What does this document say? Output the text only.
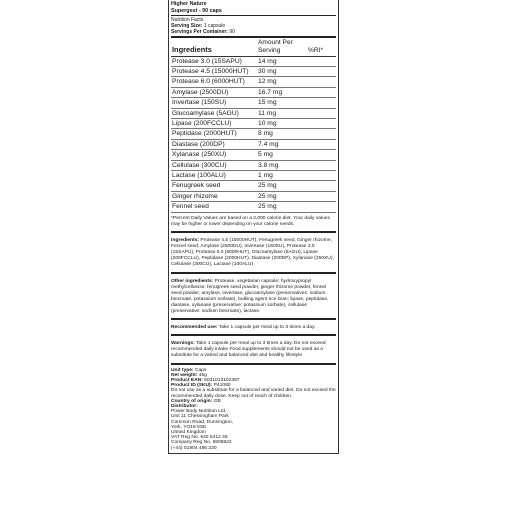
Higher Nature
Supergest - 90 caps
Nutrition Facts
Serving Size: 1 capsule
Servings Per Container: 90
Ingredients	Amount Per Serving	%RI*
Protease 3.0 (15SAPU)	14 mg	
Protease 4.5 (15000HUT)	30 mg	
Protease 6.0 (6000HUT)	12 mg	
Amylase (2500DU)	16.7 mg	
Invertase (150SU)	15 mg	
Glucoamylase (5AGU)	11 mg	
Lipase (200FCCLU)	10 mg	
Peptidase (2000HUT)	8 mg	
Diastase (200DP)	7.4 mg	
Xylanase (250XU)	5 mg	
Cellulase (300CU)	3.8 mg	
Lactase (100ALU)	1 mg	
Fenugreek seed	25 mg	
Ginger rhizome	25 mg	
Fennel seed	25 mg	
*Percent Daily Values are based on a 2,000 calorie diet. Your daily values may be higher or lower depending on your calorie needs.
Ingredients: Protease 4.5 (15000HUT), Fenugreek seed, Ginger rhizome, Fennel seed, Amylase (2500DU), Invertase (150SU), Protease 3.0 (15SAPU), Protease 6.0 (6000HUT), Glucoamylase (5AGU), Lipase (200FCCLU), Peptidase (2000HUT), Diastase (200DP), Xylanase (250XU), Cellulase (300CU), Lactase (100ALU)
Other ingredients: Protease, vegetarian capsule: hydroxypropyl methylcellulose; fenugreek seed powder, ginger rhizome powder, fennel seed powder, amylase, invertase, glucoamylase (preservatives: sodium benzoate, potassium sorbate), bulking agent rice bran; lipase, peptidase, diastase, xylanase (preservative: potassium sorbate), cellulase (preservative: sodium benzoate), lactase.
Recommended use: Take 1 capsule per meal up to 3 times a day.
Warnings: Take 1 capsule per meal up to 3 times a day. Do not exceed recommended daily intake Food supplements should not be used as a substitute for a varied and balanced diet and healthy lifestyle
Unit type: Caps
Net weight: 45g
Product EAN: 5031013102387
Product ID (SKU): P41080
Do not use as a substitute for a balanced and varied diet. Do not exceed the recommended daily dose. Keep out of reach of children.
Country of origin: GB
Distributor:
Power Body Nutrition Ltd.
Unit 11 Chessingham Park
Common Road, Dunnington,
York, YO19 5SE
United Kingdom
VAT Reg No. 940 5412 46
Company Reg No. 6909822
(+44) 01904 486 330
